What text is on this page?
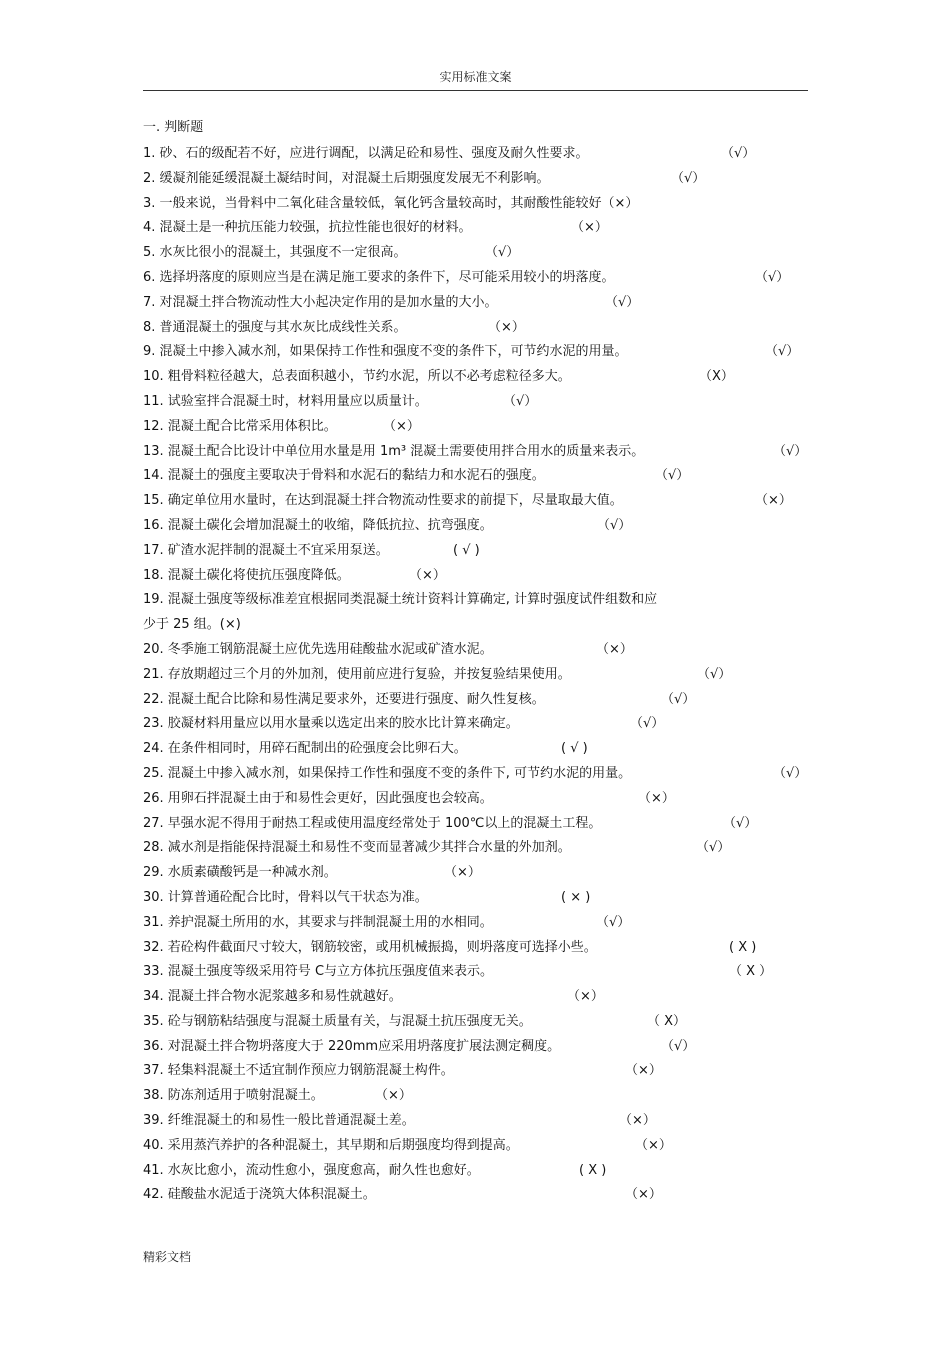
实用标准文案
一. 判断题
1. 砂、石的级配若不好，应进行调配，以满足砼和易性、强度及耐久性要求。	（√）
2. 缓凝剂能延缓混凝土凝结时间，对混凝土后期强度发展无不利影响。	（√）
3. 一般来说，当骨料中二氧化硅含量较低，氧化钙含量较高时，其耐酸性能较好（×）
4. 混凝土是一种抗压能力较强，抗拉性能也很好的材料。	（×）
5. 水灰比很小的混凝土，其强度不一定很高。	（√）
6. 选择坍落度的原则应当是在满足施工要求的条件下，尽可能采用较小的坍落度。	（√）
7. 对混凝土拌合物流动性大小起决定作用的是加水量的大小。	（√）
8. 普通混凝土的强度与其水灰比成线性关系。	（×）
9. 混凝土中掺入减水剂，如果保持工作性和强度不变的条件下，可节约水泥的用量。	（√）
10. 粗骨料粒径越大，总表面积越小，节约水泥，所以不必考虑粒径多大。	（X）
11. 试验室拌合混凝土时，材料用量应以质量计。	（√）
12. 混凝土配合比常采用体积比。	（×）
13. 混凝土配合比设计中单位用水量是用 1m³ 混凝土需要使用拌合用水的质量来表示。	（√）
14. 混凝土的强度主要取决于骨料和水泥石的黏结力和水泥石的强度。	（√）
15. 确定单位用水量时，在达到混凝土拌合物流动性要求的前提下，尽量取最大值。	（×）
16. 混凝土碳化会增加混凝土的收缩，降低抗拉、抗弯强度。	（√）
17. 矿渣水泥拌制的混凝土不宜采用泵送。	( √ )
18. 混凝土碳化将使抗压强度降低。	（×）
19. 混凝土强度等级标准差宜根据同类混凝土统计资料计算确定, 计算时强度试件组数和应
少于 25 组。(×)
20. 冬季施工钢筋混凝土应优先选用硅酸盐水泥或矿渣水泥。	（×）
21. 存放期超过三个月的外加剂，使用前应进行复验，并按复验结果使用。	（√）
22. 混凝土配合比除和易性满足要求外，还要进行强度、耐久性复核。	（√）
23. 胶凝材料用量应以用水量乘以选定出来的胶水比计算来确定。	（√）
24. 在条件相同时，用碎石配制出的砼强度会比卵石大。	( √ )
25. 混凝土中掺入减水剂，如果保持工作性和强度不变的条件下, 可节约水泥的用量。	（√）
26. 用卵石拌混凝土由于和易性会更好，因此强度也会较高。	（×）
27. 早强水泥不得用于耐热工程或使用温度经常处于 100℃以上的混凝土工程。	（√）
28. 减水剂是指能保持混凝土和易性不变而显著减少其拌合水量的外加剂。	（√）
29. 水质素磺酸钙是一种减水剂。	（×）
30. 计算普通砼配合比时，骨料以气干状态为准。	( × )
31. 养护混凝土所用的水，其要求与拌制混凝土用的水相同。	（√）
32. 若砼构件截面尺寸较大，钢筋较密，或用机械振捣，则坍落度可选择小些。	( X )
33. 混凝土强度等级采用符号 C与立方体抗压强度值来表示。	（ X ）
34. 混凝土拌合物水泥浆越多和易性就越好。	（×）
35. 砼与钢筋粘结强度与混凝土质量有关，与混凝土抗压强度无关。	（ X）
36. 对混凝土拌合物坍落度大于 220mm应采用坍落度扩展法测定稠度。	（√）
37. 轻集料混凝土不适宜制作预应力钢筋混凝土构件。	（×）
38. 防冻剂适用于喷射混凝土。	（×）
39. 纤维混凝土的和易性一般比普通混凝土差。	（×）
40. 采用蒸汽养护的各种混凝土，其早期和后期强度均得到提高。	（×）
41. 水灰比愈小，流动性愈小，强度愈高，耐久性也愈好。	( X )
42. 硅酸盐水泥适于浇筑大体积混凝土。	（×）
精彩文档
